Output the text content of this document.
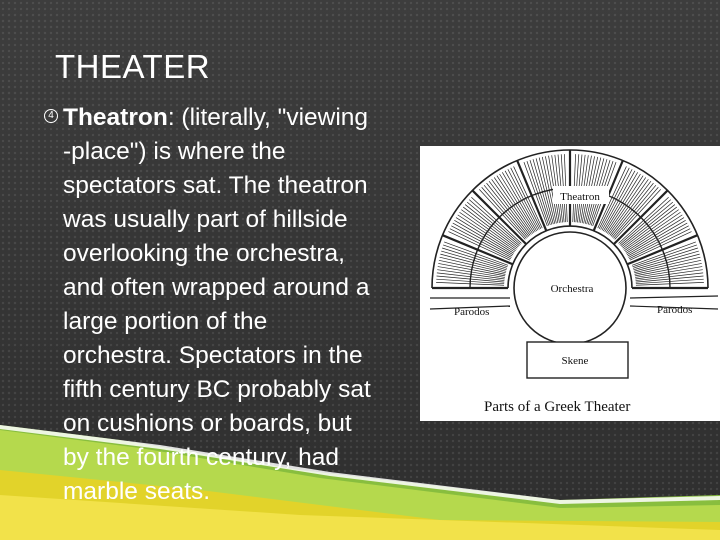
THEATER
4 Theatron: (literally, "viewing
-place") is where the
spectators sat. The theatron
was usually part of hillside
overlooking the orchestra,
and often wrapped around a
large portion of the
orchestra. Spectators in the
fifth century BC probably sat
on cushions or boards, but
by the fourth century, had
marble seats.
Theatron
Orchestra
Parodos	Parodos
Skene
Parts of a Greek Theater
